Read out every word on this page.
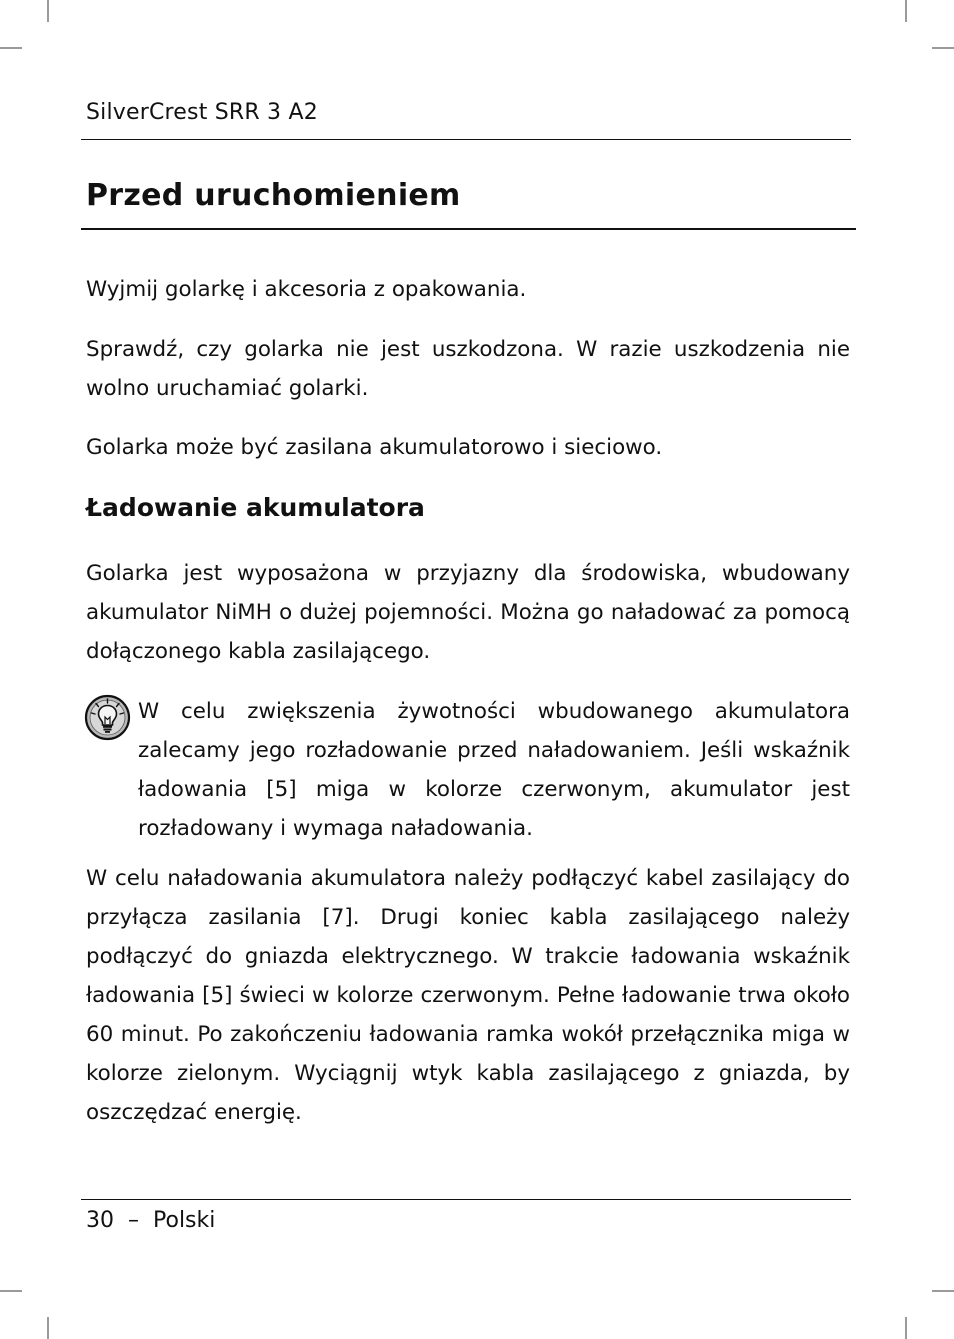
SilverCrest SRR 3 A2
Przed uruchomieniem
Wyjmij golarkę i akcesoria z opakowania.
Sprawdź, czy golarka nie jest uszkodzona. W razie uszkodzenia nie wolno uruchamiać golarki.
Golarka może być zasilana akumulatorowo i sieciowo.
Ładowanie akumulatora
Golarka jest wyposażona w przyjazny dla środowiska, wbudowany akumulator NiMH o dużej pojemności. Można go naładować za pomocą dołączonego kabla zasilającego.
W celu zwiększenia żywotności wbudowanego akumulatora zalecamy jego rozładowanie przed naładowaniem. Jeśli wskaźnik ładowania [5] miga w kolorze czerwonym, akumulator jest rozładowany i wymaga naładowania.
W celu naładowania akumulatora należy podłączyć kabel zasilający do przyłącza zasilania [7]. Drugi koniec kabla zasilającego należy podłączyć do gniazda elektrycznego. W trakcie ładowania wskaźnik ładowania [5] świeci w kolorze czerwonym. Pełne ładowanie trwa około 60 minut. Po zakończeniu ładowania ramka wokół przełącznika miga w kolorze zielonym. Wyciągnij wtyk kabla zasilającego z gniazda, by oszczędzać energię.
30 – Polski
